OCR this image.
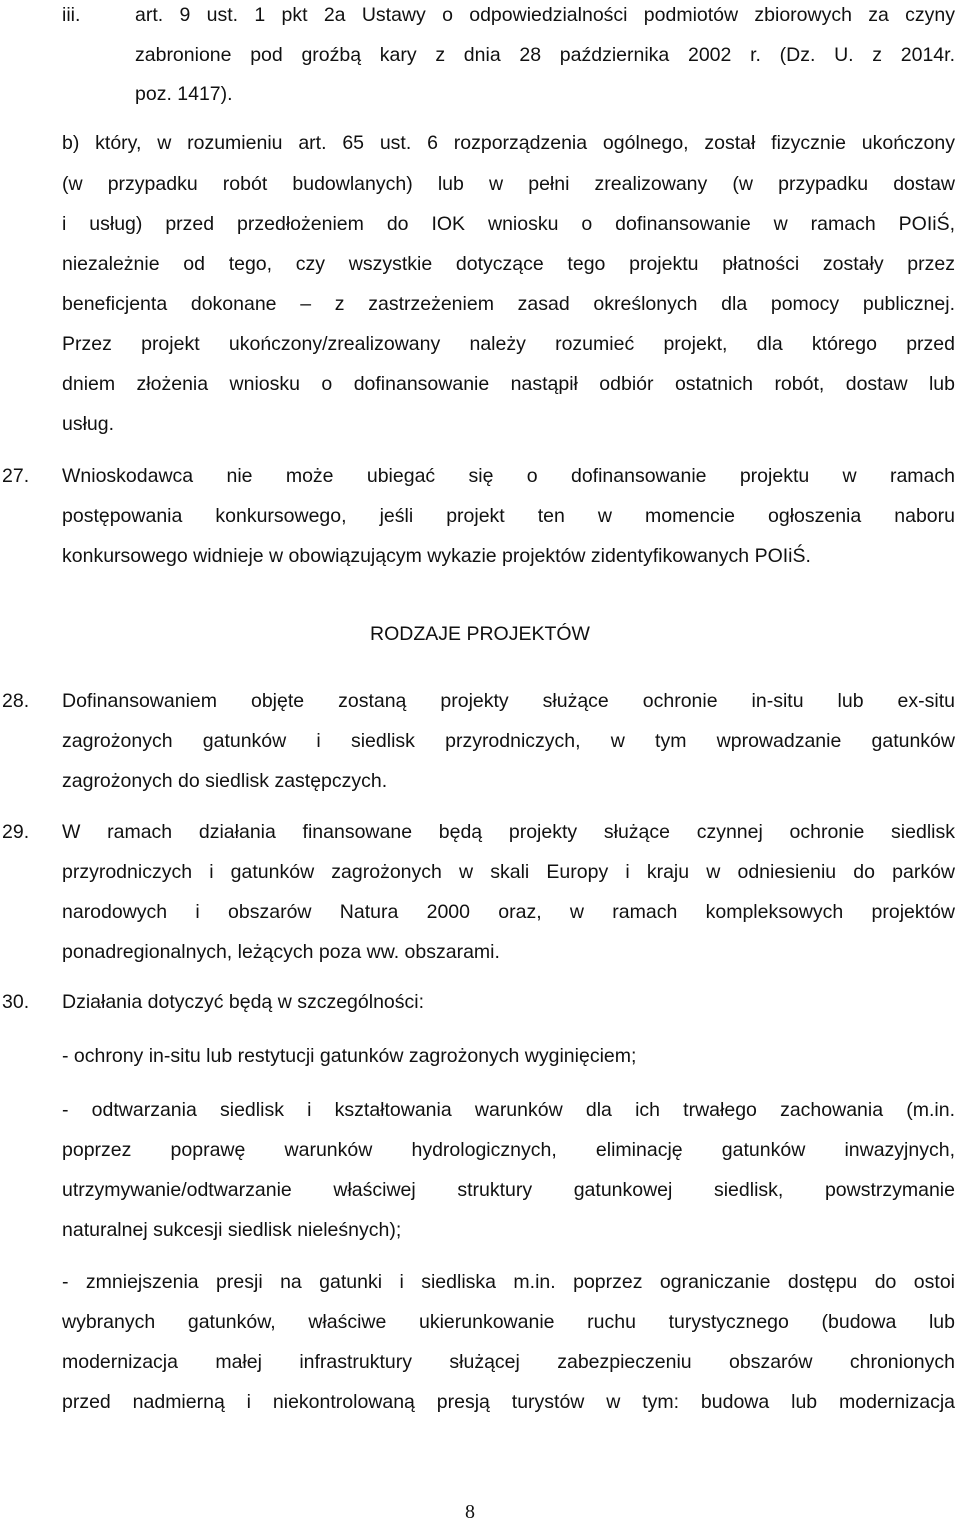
iii.	art. 9 ust. 1 pkt 2a Ustawy o odpowiedzialności podmiotów zbiorowych za czyny
zabronione pod groźbą kary z dnia 28 października 2002 r. (Dz. U. z 2014r.
poz. 1417).
b) który, w rozumieniu art. 65 ust. 6 rozporządzenia ogólnego, został fizycznie ukończony
(w przypadku robót budowlanych) lub w pełni zrealizowany (w przypadku dostaw
i usług) przed przedłożeniem do IOK wniosku o dofinansowanie w ramach POIiŚ,
niezależnie od tego, czy wszystkie dotyczące tego projektu płatności zostały przez
beneficjenta dokonane – z zastrzeżeniem zasad określonych dla pomocy publicznej.
Przez projekt ukończony/zrealizowany należy rozumieć projekt, dla którego przed
dniem złożenia wniosku o dofinansowanie nastąpił odbiór ostatnich robót, dostaw lub
usług.
27. Wnioskodawca nie może ubiegać się o dofinansowanie projektu w ramach
postępowania konkursowego, jeśli projekt ten w momencie ogłoszenia naboru
konkursowego widnieje w obowiązującym wykazie projektów zidentyfikowanych POIiŚ.
RODZAJE PROJEKTÓW
28. Dofinansowaniem objęte zostaną projekty służące ochronie in-situ lub ex-situ
zagrożonych gatunków i siedlisk przyrodniczych, w tym wprowadzanie gatunków
zagrożonych do siedlisk zastępczych.
29. W ramach działania finansowane będą projekty służące czynnej ochronie siedlisk
przyrodniczych i gatunków zagrożonych w skali Europy i kraju w odniesieniu do parków
narodowych i obszarów Natura 2000 oraz, w ramach kompleksowych projektów
ponadregionalnych, leżących poza ww. obszarami.
30. Działania dotyczyć będą w szczególności:
- ochrony in-situ lub restytucji gatunków zagrożonych wyginięciem;
- odtwarzania siedlisk i kształtowania warunków dla ich trwałego zachowania (m.in.
poprzez poprawę warunków hydrologicznych, eliminację gatunków inwazyjnych,
utrzymywanie/odtwarzanie właściwej struktury gatunkowej siedlisk, powstrzymanie
naturalnej sukcesji siedlisk nieleśnych);
- zmniejszenia presji na gatunki i siedliska m.in. poprzez ograniczanie dostępu do ostoi
wybranych gatunków, właściwe ukierunkowanie ruchu turystycznego (budowa lub
modernizacja małej infrastruktury służącej zabezpieczeniu obszarów chronionych
przed nadmierną i niekontrolowaną presją turystów w tym: budowa lub modernizacja
8
